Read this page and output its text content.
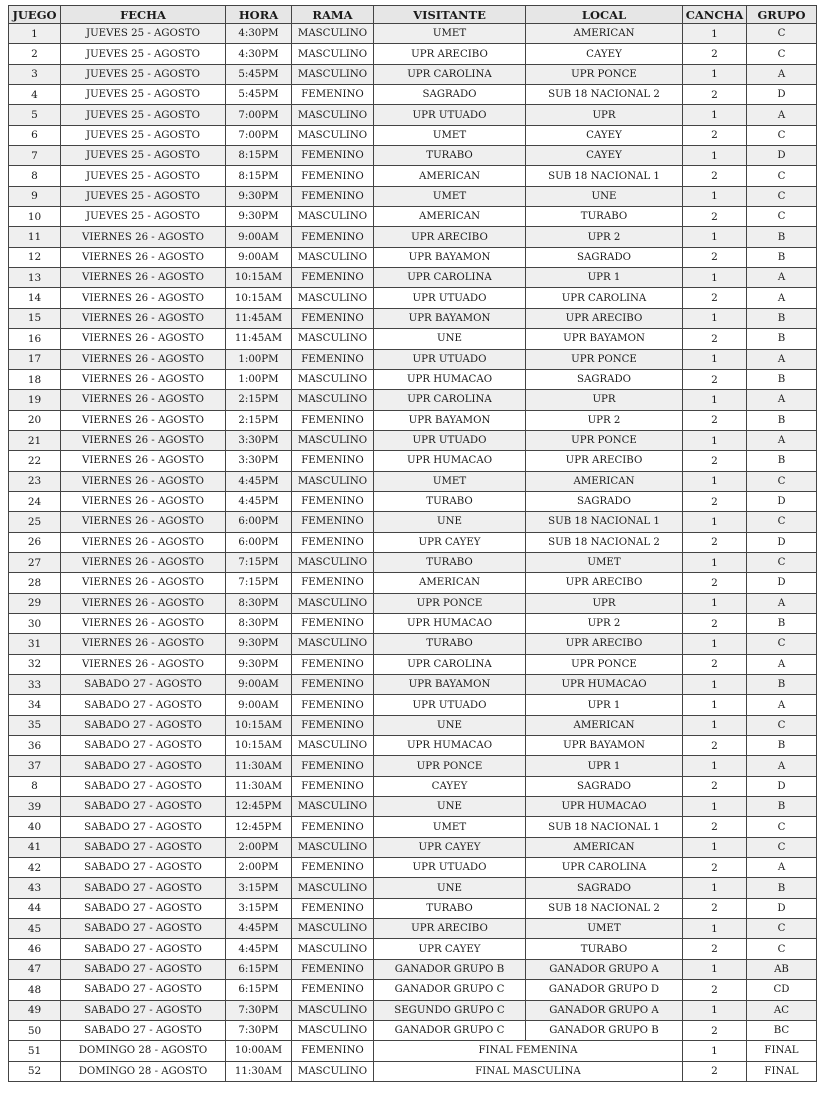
JUEGO	FECHA	HORA	RAMA	VISITANTE	LOCAL	CANCHA	GRUPO
1	JUEVES 25 - AGOSTO	4:30PM	MASCULINO	UMET	AMERICAN	1	C
2	JUEVES 25 - AGOSTO	4:30PM	MASCULINO	UPR ARECIBO	CAYEY	2	C
3	JUEVES 25 - AGOSTO	5:45PM	MASCULINO	UPR CAROLINA	UPR PONCE	1	A
4	JUEVES 25 - AGOSTO	5:45PM	FEMENINO	SAGRADO	SUB 18 NACIONAL 2	2	D
5	JUEVES 25 - AGOSTO	7:00PM	MASCULINO	UPR UTUADO	UPR	1	A
6	JUEVES 25 - AGOSTO	7:00PM	MASCULINO	UMET	CAYEY	2	C
7	JUEVES 25 - AGOSTO	8:15PM	FEMENINO	TURABO	CAYEY	1	D
8	JUEVES 25 - AGOSTO	8:15PM	FEMENINO	AMERICAN	SUB 18 NACIONAL 1	2	C
9	JUEVES 25 - AGOSTO	9:30PM	FEMENINO	UMET	UNE	1	C
10	JUEVES 25 - AGOSTO	9:30PM	MASCULINO	AMERICAN	TURABO	2	C
11	VIERNES 26 - AGOSTO	9:00AM	FEMENINO	UPR ARECIBO	UPR 2	1	B
12	VIERNES 26 - AGOSTO	9:00AM	MASCULINO	UPR BAYAMON	SAGRADO	2	B
13	VIERNES 26 - AGOSTO	10:15AM	FEMENINO	UPR CAROLINA	UPR 1	1	A
14	VIERNES 26 - AGOSTO	10:15AM	MASCULINO	UPR UTUADO	UPR CAROLINA	2	A
15	VIERNES 26 - AGOSTO	11:45AM	FEMENINO	UPR BAYAMON	UPR ARECIBO	1	B
16	VIERNES 26 - AGOSTO	11:45AM	MASCULINO	UNE	UPR BAYAMON	2	B
17	VIERNES 26 - AGOSTO	1:00PM	FEMENINO	UPR UTUADO	UPR PONCE	1	A
18	VIERNES 26 - AGOSTO	1:00PM	MASCULINO	UPR HUMACAO	SAGRADO	2	B
19	VIERNES 26 - AGOSTO	2:15PM	MASCULINO	UPR CAROLINA	UPR	1	A
20	VIERNES 26 - AGOSTO	2:15PM	FEMENINO	UPR BAYAMON	UPR 2	2	B
21	VIERNES 26 - AGOSTO	3:30PM	MASCULINO	UPR UTUADO	UPR PONCE	1	A
22	VIERNES 26 - AGOSTO	3:30PM	FEMENINO	UPR HUMACAO	UPR ARECIBO	2	B
23	VIERNES 26 - AGOSTO	4:45PM	MASCULINO	UMET	AMERICAN	1	C
24	VIERNES 26 - AGOSTO	4:45PM	FEMENINO	TURABO	SAGRADO	2	D
25	VIERNES 26 - AGOSTO	6:00PM	FEMENINO	UNE	SUB 18 NACIONAL 1	1	C
26	VIERNES 26 - AGOSTO	6:00PM	FEMENINO	UPR CAYEY	SUB 18 NACIONAL 2	2	D
27	VIERNES 26 - AGOSTO	7:15PM	MASCULINO	TURABO	UMET	1	C
28	VIERNES 26 - AGOSTO	7:15PM	FEMENINO	AMERICAN	UPR ARECIBO	2	D
29	VIERNES 26 - AGOSTO	8:30PM	MASCULINO	UPR PONCE	UPR	1	A
30	VIERNES 26 - AGOSTO	8:30PM	FEMENINO	UPR HUMACAO	UPR 2	2	B
31	VIERNES 26 - AGOSTO	9:30PM	MASCULINO	TURABO	UPR ARECIBO	1	C
32	VIERNES 26 - AGOSTO	9:30PM	FEMENINO	UPR CAROLINA	UPR PONCE	2	A
33	SABADO 27 - AGOSTO	9:00AM	FEMENINO	UPR BAYAMON	UPR HUMACAO	1	B
34	SABADO 27 - AGOSTO	9:00AM	FEMENINO	UPR UTUADO	UPR 1	1	A
35	SABADO 27 - AGOSTO	10:15AM	FEMENINO	UNE	AMERICAN	1	C
36	SABADO 27 - AGOSTO	10:15AM	MASCULINO	UPR HUMACAO	UPR BAYAMON	2	B
37	SABADO 27 - AGOSTO	11:30AM	FEMENINO	UPR PONCE	UPR 1	1	A
8	SABADO 27 - AGOSTO	11:30AM	FEMENINO	CAYEY	SAGRADO	2	D
39	SABADO 27 - AGOSTO	12:45PM	MASCULINO	UNE	UPR HUMACAO	1	B
40	SABADO 27 - AGOSTO	12:45PM	FEMENINO	UMET	SUB 18 NACIONAL 1	2	C
41	SABADO 27 - AGOSTO	2:00PM	MASCULINO	UPR CAYEY	AMERICAN	1	C
42	SABADO 27 - AGOSTO	2:00PM	FEMENINO	UPR UTUADO	UPR CAROLINA	2	A
43	SABADO 27 - AGOSTO	3:15PM	MASCULINO	UNE	SAGRADO	1	B
44	SABADO 27 - AGOSTO	3:15PM	FEMENINO	TURABO	SUB 18 NACIONAL 2	2	D
45	SABADO 27 - AGOSTO	4:45PM	MASCULINO	UPR ARECIBO	UMET	1	C
46	SABADO 27 - AGOSTO	4:45PM	MASCULINO	UPR CAYEY	TURABO	2	C
47	SABADO 27 - AGOSTO	6:15PM	FEMENINO	GANADOR GRUPO B	GANADOR GRUPO A	1	AB
48	SABADO 27 - AGOSTO	6:15PM	FEMENINO	GANADOR GRUPO C	GANADOR GRUPO D	2	CD
49	SABADO 27 - AGOSTO	7:30PM	MASCULINO	SEGUNDO GRUPO C	GANADOR GRUPO A	1	AC
50	SABADO 27 - AGOSTO	7:30PM	MASCULINO	GANADOR GRUPO C	GANADOR GRUPO B	2	BC
51	DOMINGO 28 - AGOSTO	10:00AM	FEMENINO	FINAL FEMENINA		1	FINAL
52	DOMINGO 28 - AGOSTO	11:30AM	MASCULINO	FINAL MASCULINA		2	FINAL
